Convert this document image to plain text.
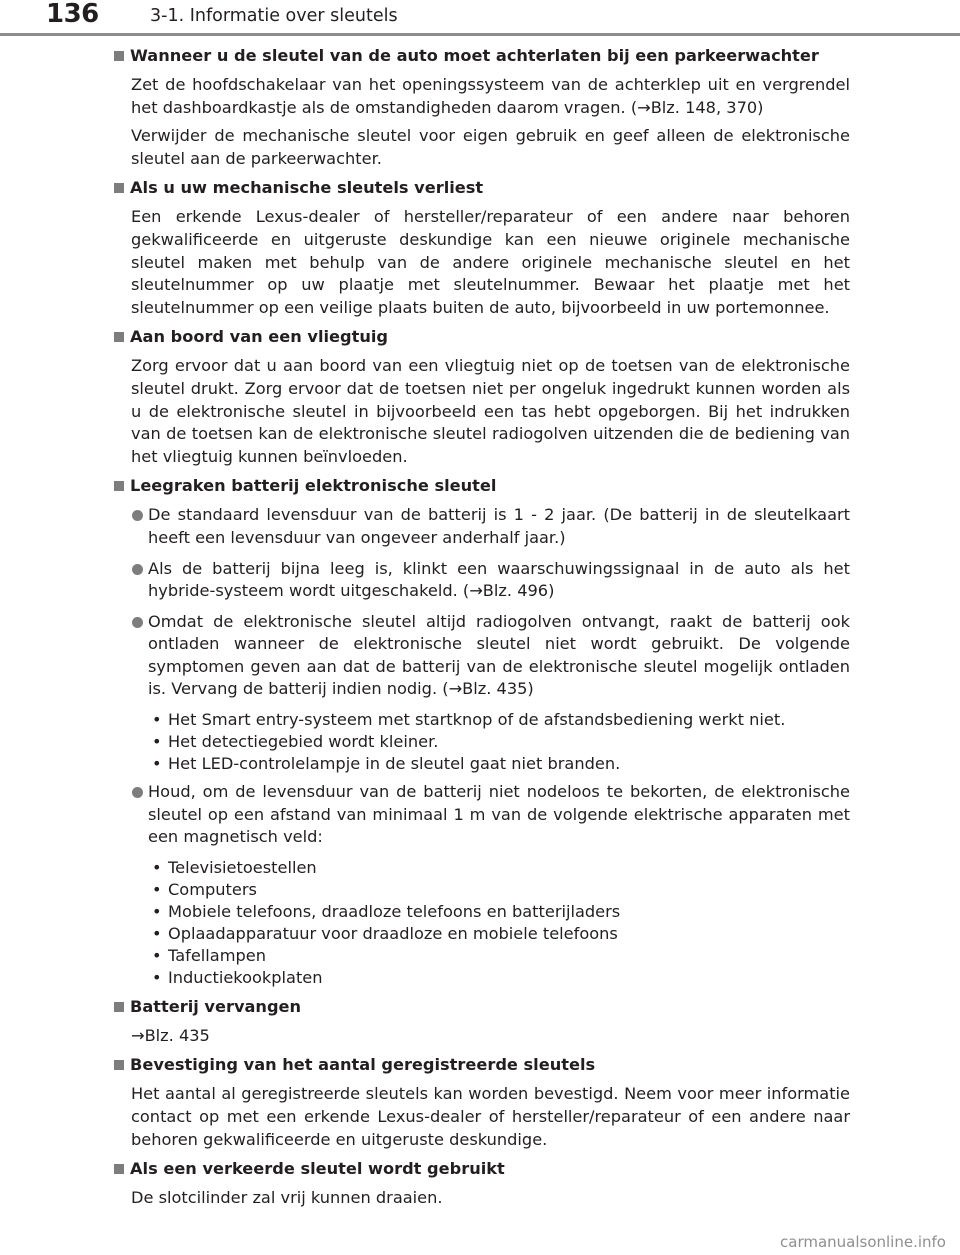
136	3-1. Informatie over sleutels
Wanneer u de sleutel van de auto moet achterlaten bij een parkeerwachter
Zet de hoofdschakelaar van het openingssysteem van de achterklep uit en vergrendel het dashboardkastje als de omstandigheden daarom vragen. (→Blz. 148, 370)
Verwijder de mechanische sleutel voor eigen gebruik en geef alleen de elektronische sleutel aan de parkeerwachter.
Als u uw mechanische sleutels verliest
Een erkende Lexus-dealer of hersteller/reparateur of een andere naar behoren gekwalificeerde en uitgeruste deskundige kan een nieuwe originele mechanische sleutel maken met behulp van de andere originele mechanische sleutel en het sleutelnummer op uw plaatje met sleutelnummer. Bewaar het plaatje met het sleutelnummer op een veilige plaats buiten de auto, bijvoorbeeld in uw portemonnee.
Aan boord van een vliegtuig
Zorg ervoor dat u aan boord van een vliegtuig niet op de toetsen van de elektronische sleutel drukt. Zorg ervoor dat de toetsen niet per ongeluk ingedrukt kunnen worden als u de elektronische sleutel in bijvoorbeeld een tas hebt opgeborgen. Bij het indrukken van de toetsen kan de elektronische sleutel radiogolven uitzenden die de bediening van het vliegtuig kunnen beïnvloeden.
Leegraken batterij elektronische sleutel
De standaard levensduur van de batterij is 1 - 2 jaar. (De batterij in de sleutelkaart heeft een levensduur van ongeveer anderhalf jaar.)
Als de batterij bijna leeg is, klinkt een waarschuwingssignaal in de auto als het hybride-systeem wordt uitgeschakeld. (→Blz. 496)
Omdat de elektronische sleutel altijd radiogolven ontvangt, raakt de batterij ook ontladen wanneer de elektronische sleutel niet wordt gebruikt. De volgende symptomen geven aan dat de batterij van de elektronische sleutel mogelijk ontladen is. Vervang de batterij indien nodig. (→Blz. 435)
• Het Smart entry-systeem met startknop of de afstandsbediening werkt niet.
• Het detectiegebied wordt kleiner.
• Het LED-controlelampje in de sleutel gaat niet branden.
Houd, om de levensduur van de batterij niet nodeloos te bekorten, de elektronische sleutel op een afstand van minimaal 1 m van de volgende elektrische apparaten met een magnetisch veld:
• Televisietoestellen
• Computers
• Mobiele telefoons, draadloze telefoons en batterijladers
• Oplaadapparatuur voor draadloze en mobiele telefoons
• Tafellampen
• Inductiekookplaten
Batterij vervangen
→Blz. 435
Bevestiging van het aantal geregistreerde sleutels
Het aantal al geregistreerde sleutels kan worden bevestigd. Neem voor meer informatie contact op met een erkende Lexus-dealer of hersteller/reparateur of een andere naar behoren gekwalificeerde en uitgeruste deskundige.
Als een verkeerde sleutel wordt gebruikt
De slotcilinder zal vrij kunnen draaien.
carmanualsonline.info
